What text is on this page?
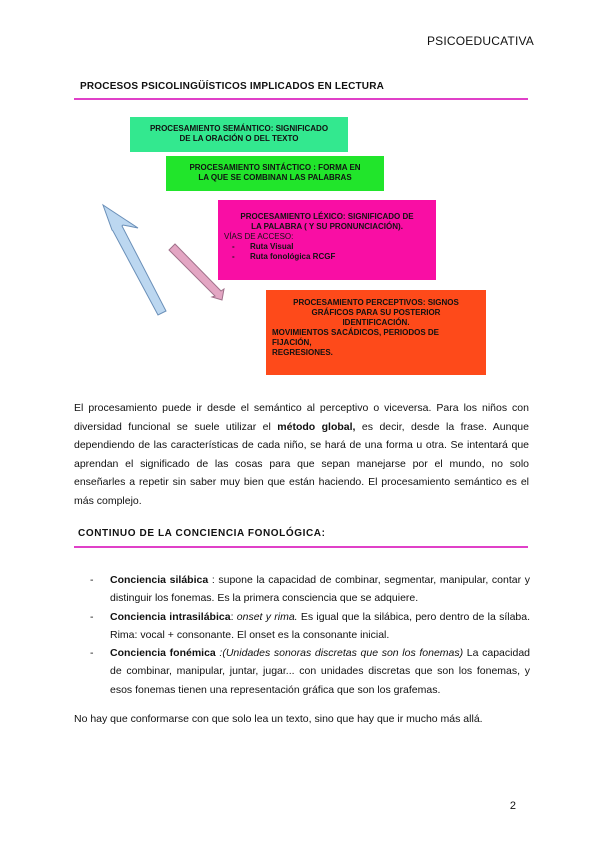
PSICOEDUCATIVA
PROCESOS PSICOLINGÜÍSTICOS IMPLICADOS EN LECTURA
PROCESAMIENTO SEMÁNTICO: SIGNIFICADO
DE LA ORACIÓN O DEL TEXTO
PROCESAMIENTO SINTÁCTICO : FORMA EN
LA QUE SE COMBINAN LAS PALABRAS
PROCESAMIENTO LÉXICO: SIGNIFICADO DE
LA PALABRA ( Y SU PRONUNCIACIÓN).
VÍAS DE ACCESO:
- Ruta Visual
- Ruta fonológica RCGF
PROCESAMIENTO PERCEPTIVOS: SIGNOS
GRÁFICOS PARA SU POSTERIOR
IDENTIFICACIÓN.
MOVIMIENTOS SACÁDICOS, PERIODOS DE
FIJACIÓN,
REGRESIONES.
El procesamiento puede ir desde el semántico al perceptivo o viceversa. Para los niños con diversidad funcional se suele utilizar el método global, es decir, desde la frase. Aunque dependiendo de las características de cada niño, se hará de una forma u otra. Se intentará que aprendan el significado de las cosas para que sepan manejarse por el mundo, no solo enseñarles a repetir sin saber muy bien que están haciendo. El procesamiento semántico es el más complejo.
CONTINUO DE LA CONCIENCIA FONOLÓGICA:
- Conciencia silábica : supone la capacidad de combinar, segmentar, manipular, contar y distinguir los fonemas. Es la primera consciencia que se adquiere.
- Conciencia intrasilábica: onset y rima. Es igual que la silábica, pero dentro de la sílaba. Rima: vocal + consonante. El onset es la consonante inicial.
- Conciencia fonémica :(Unidades sonoras discretas que son los fonemas) La capacidad de combinar, manipular, juntar, jugar... con unidades discretas que son los fonemas, y esos fonemas tienen una representación gráfica que son los grafemas.
No hay que conformarse con que solo lea un texto, sino que hay que ir mucho más allá.
2
